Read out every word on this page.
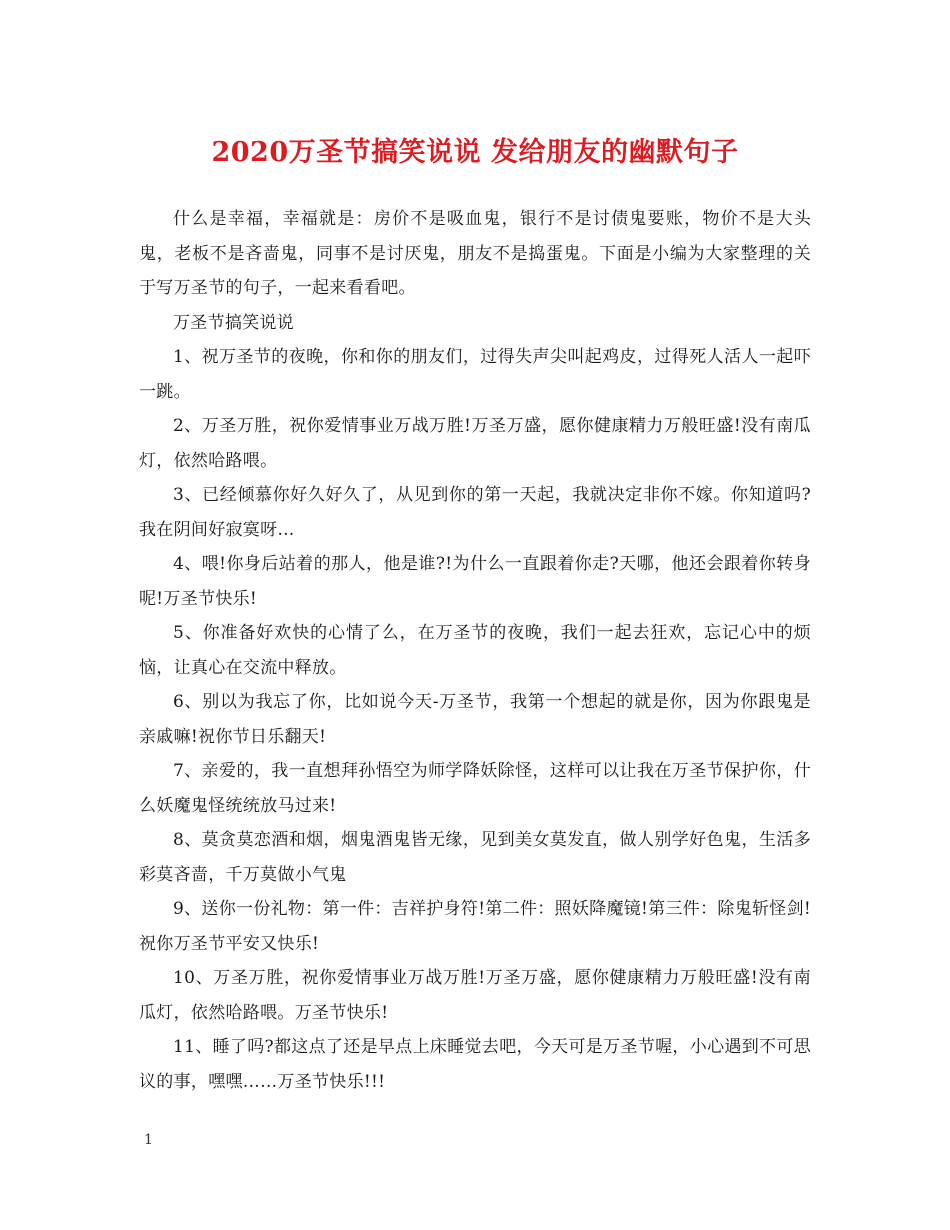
2020万圣节搞笑说说 发给朋友的幽默句子

什么是幸福，幸福就是：房价不是吸血鬼，银行不是讨债鬼要账，物价不是大头鬼，老板不是吝啬鬼，同事不是讨厌鬼，朋友不是捣蛋鬼。下面是小编为大家整理的关于写万圣节的句子，一起来看看吧。

万圣节搞笑说说

1、祝万圣节的夜晚，你和你的朋友们，过得失声尖叫起鸡皮，过得死人活人一起吓一跳。

2、万圣万胜，祝你爱情事业万战万胜!万圣万盛，愿你健康精力万般旺盛!没有南瓜灯，依然哈路喂。

3、已经倾慕你好久好久了，从见到你的第一天起，我就决定非你不嫁。你知道吗?我在阴间好寂寞呀…

4、喂!你身后站着的那人，他是谁?!为什么一直跟着你走?天哪，他还会跟着你转身呢!万圣节快乐!

5、你准备好欢快的心情了么，在万圣节的夜晚，我们一起去狂欢，忘记心中的烦恼，让真心在交流中释放。

6、别以为我忘了你，比如说今天-万圣节，我第一个想起的就是你，因为你跟鬼是亲戚嘛!祝你节日乐翻天!

7、亲爱的，我一直想拜孙悟空为师学降妖除怪，这样可以让我在万圣节保护你，什么妖魔鬼怪统统放马过来!

8、莫贪莫恋酒和烟，烟鬼酒鬼皆无缘，见到美女莫发直，做人别学好色鬼，生活多彩莫吝啬，千万莫做小气鬼

9、送你一份礼物：第一件：吉祥护身符!第二件：照妖降魔镜!第三件：除鬼斩怪剑!祝你万圣节平安又快乐!

10、万圣万胜，祝你爱情事业万战万胜!万圣万盛，愿你健康精力万般旺盛!没有南瓜灯，依然哈路喂。万圣节快乐!

11、睡了吗?都这点了还是早点上床睡觉去吧，今天可是万圣节喔，小心遇到不可思议的事，嘿嘿……万圣节快乐!!!

1
